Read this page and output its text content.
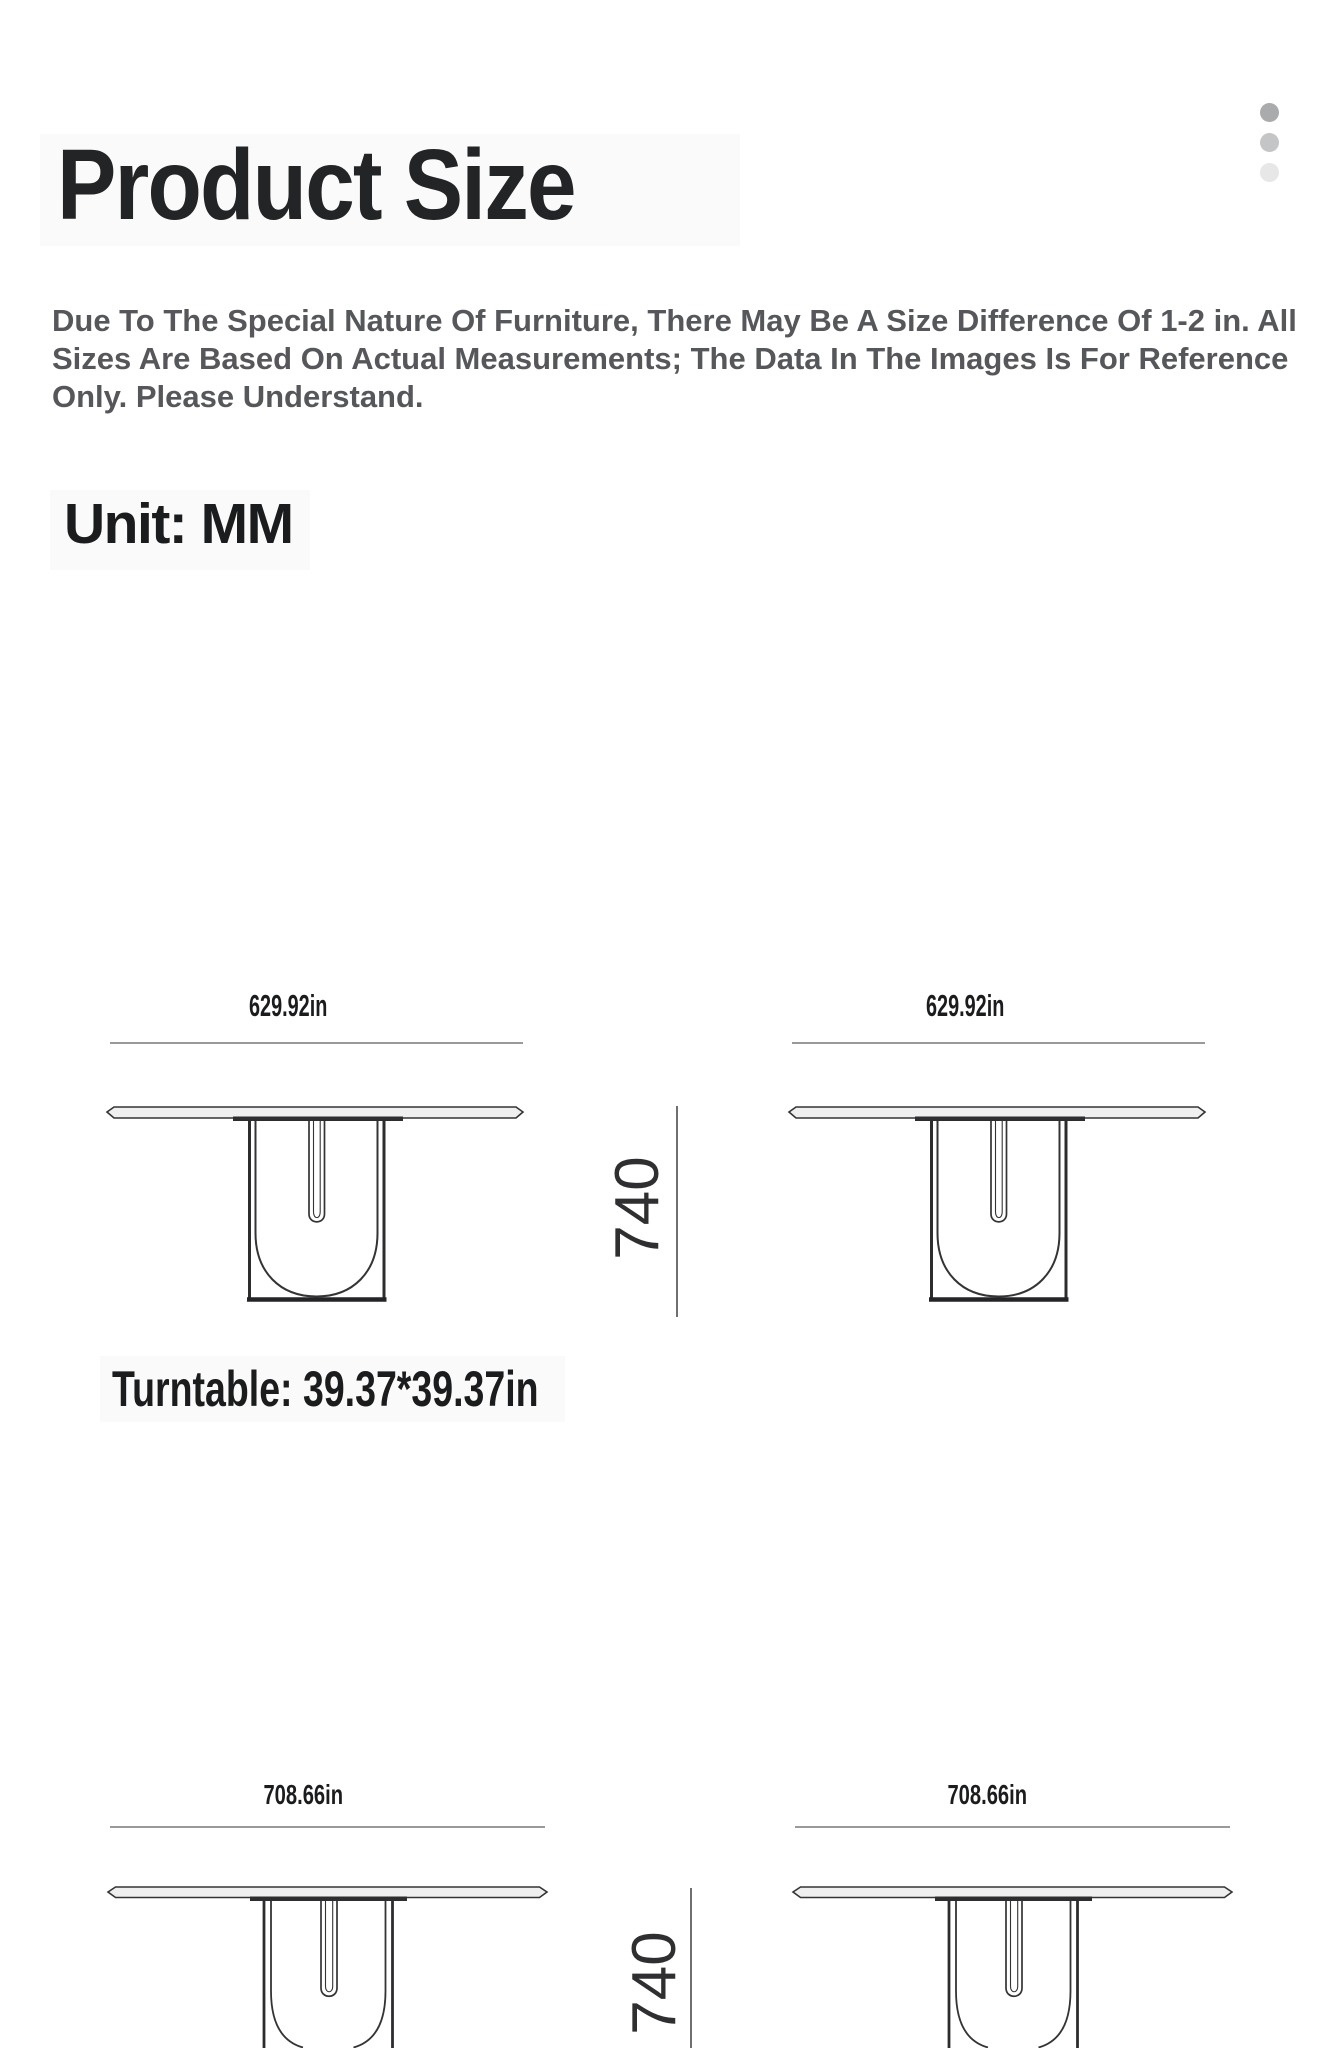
Product Size

Due To The Special Nature Of Furniture, There May Be A Size Difference Of 1-2 in. All Sizes Are Based On Actual Measurements; The Data In The Images Is For Reference Only. Please Understand.

Unit: MM
629.92in	629.92in
740
Turntable: 39.37*39.37in
708.66in	708.66in
740
